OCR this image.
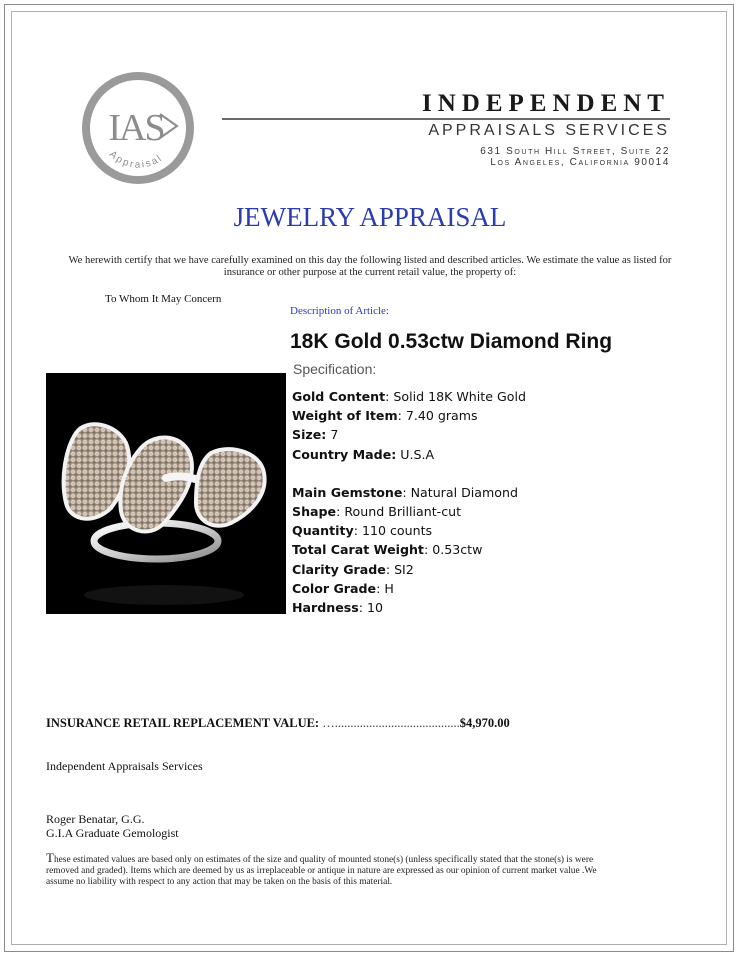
IAS
Appraisal
INDEPENDENT
APPRAISALS SERVICES
631 South Hill Street, Suite 22
Los Angeles, California 90014
JEWELRY APPRAISAL
We herewith certify that we have carefully examined on this day the following listed and described articles. We estimate the value as listed for insurance or other purpose at the current retail value, the property of:
To Whom It May Concern
Description of Article:
18K Gold 0.53ctw Diamond Ring
Specification:
Gold Content: Solid 18K White Gold
Weight of Item: 7.40 grams
Size: 7
Country Made: U.S.A
Main Gemstone: Natural Diamond
Shape: Round Brilliant-cut
Quantity: 110 counts
Total Carat Weight: 0.53ctw
Clarity Grade: SI2
Color Grade: H
Hardness: 10
INSURANCE RETAIL REPLACEMENT VALUE: …........................................$4,970.00
Independent Appraisals Services
Roger Benatar, G.G.
G.I.A Graduate Gemologist
These estimated values are based only on estimates of the size and quality of mounted stone(s) (unless specifically stated that the stone(s) is were removed and graded). Items which are deemed by us as irreplaceable or antique in nature are expressed as our opinion of current market value .We assume no liability with respect to any action that may be taken on the basis of this material.
